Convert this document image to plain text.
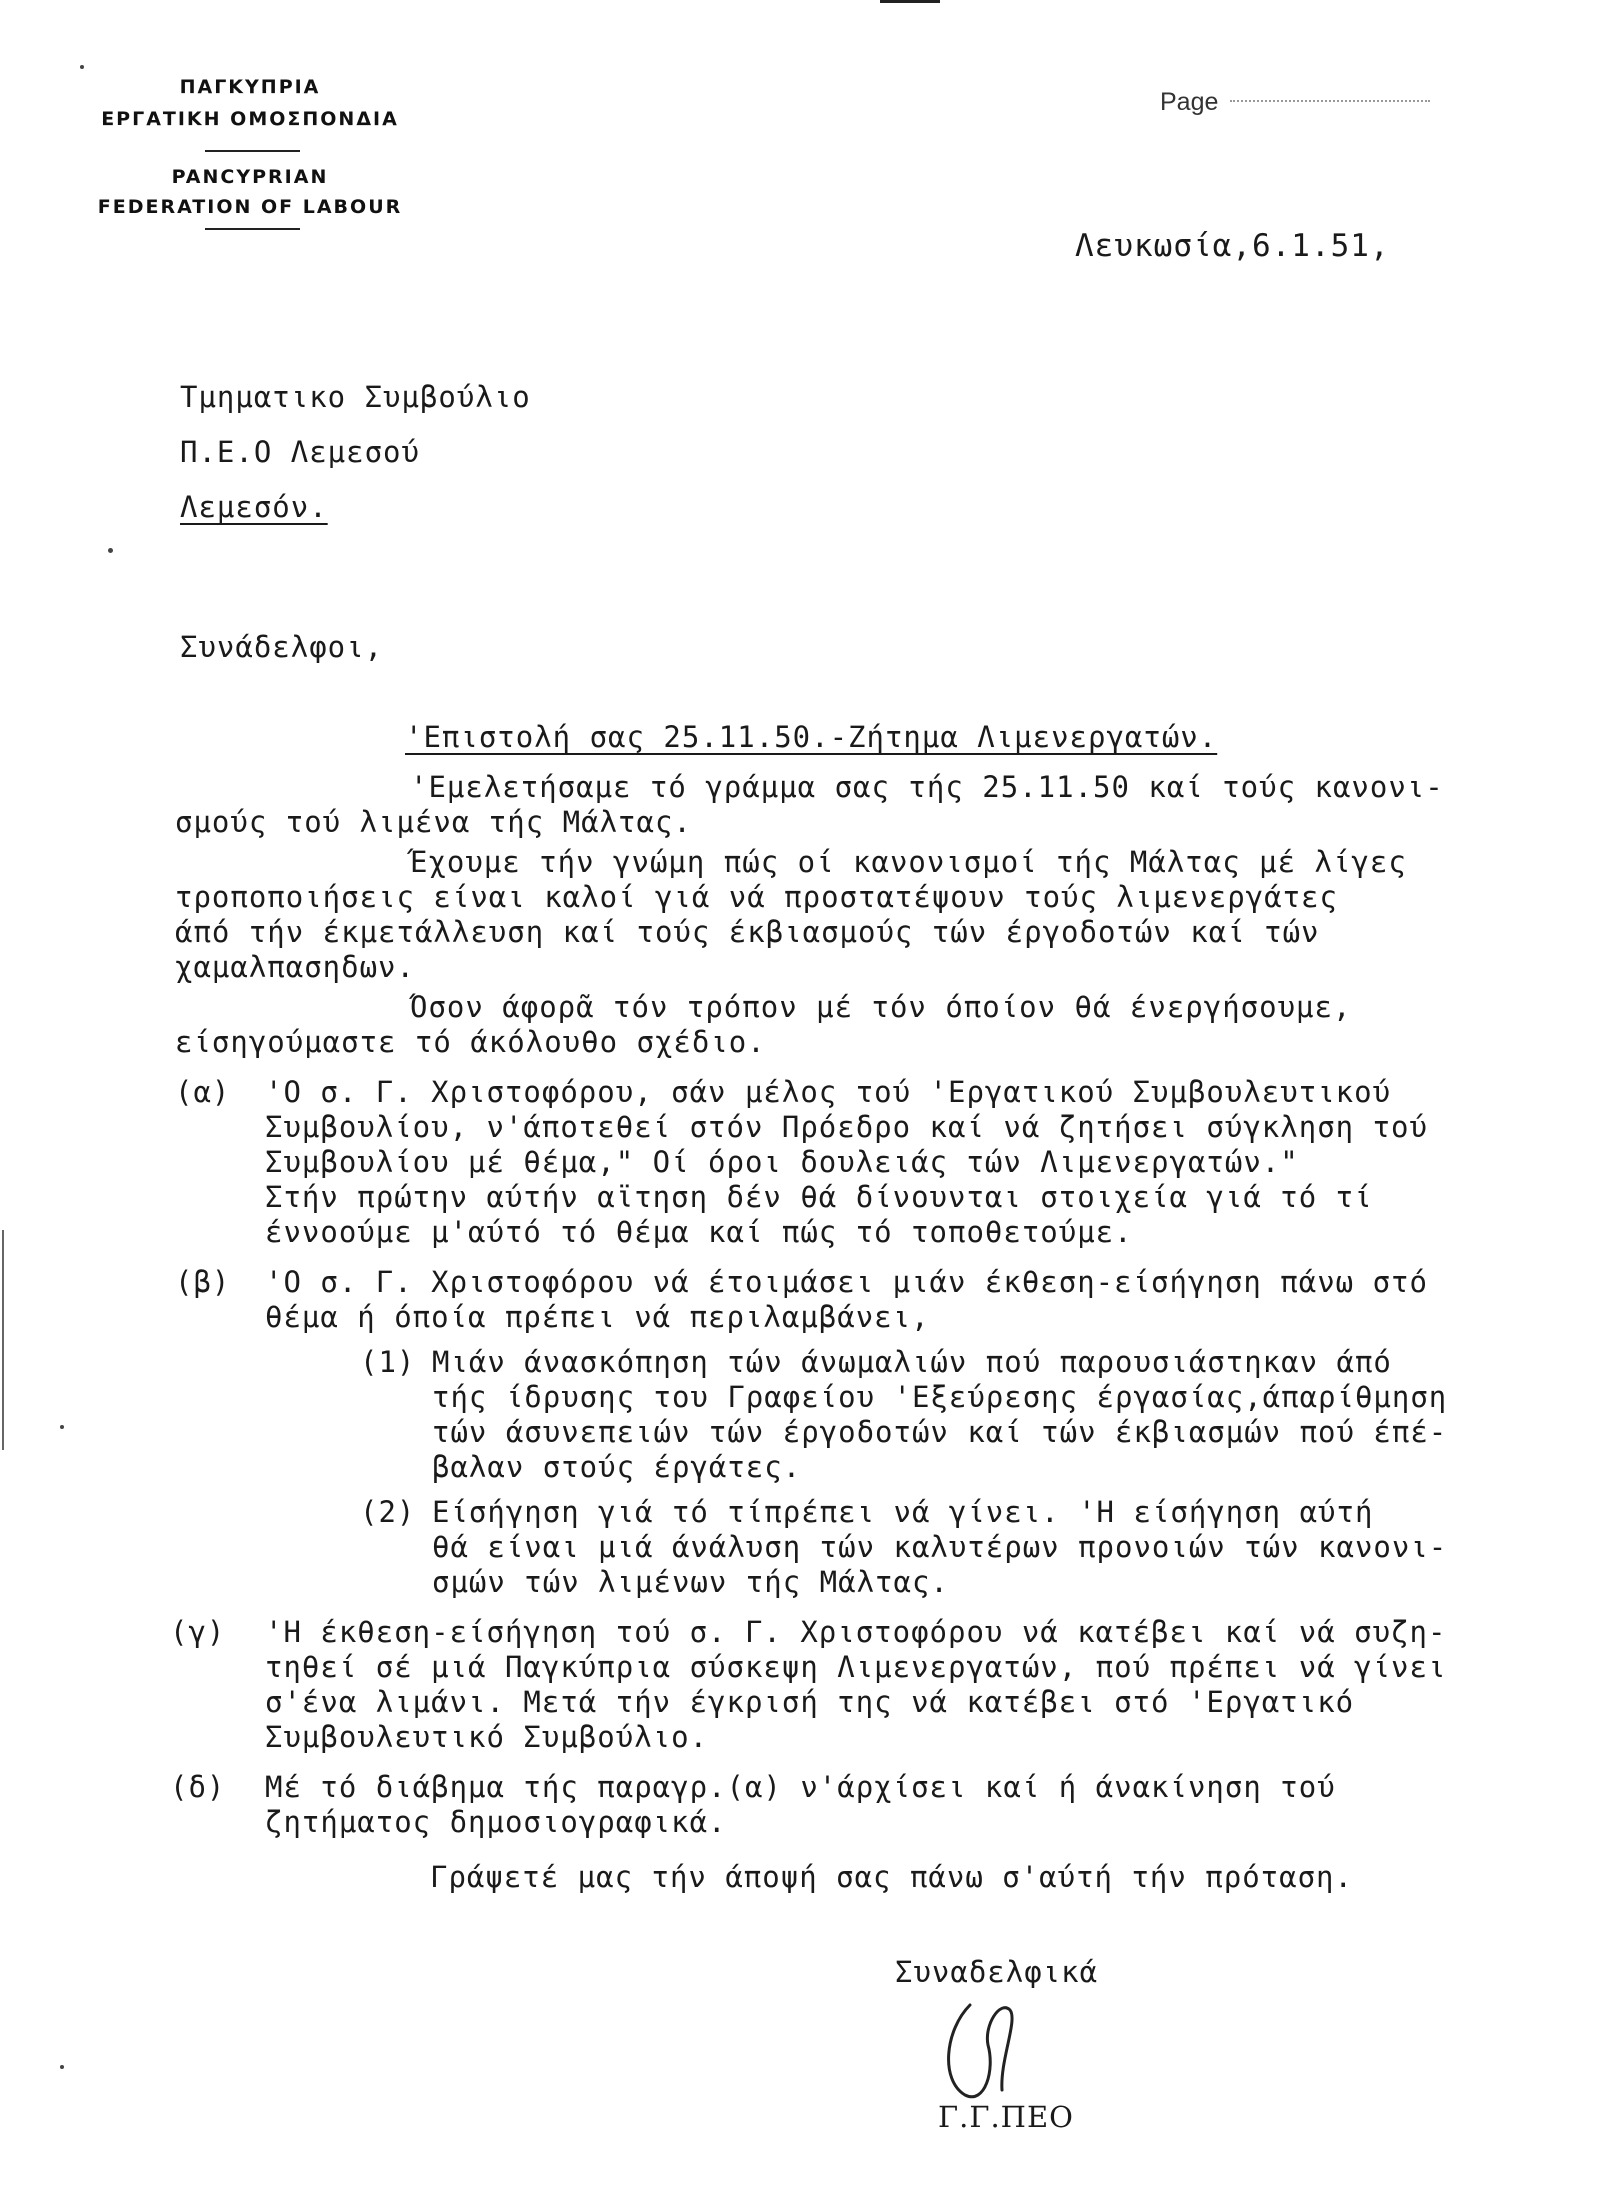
ΠΑΓΚΥΠΡΙΑ
ΕΡΓΑΤΙΚΗ ΟΜΟΣΠΟΝΔΙΑ
PANCYPRIAN
FEDERATION OF LABOUR
Page
Λευκωσία,6.1.51,
Τμηματικο Συμβούλιο
Π.Ε.Ο Λεμεσού
Λεμεσόν.
Συνάδελφοι,
'Επιστολή σας 25.11.50.-Ζήτημα Λιμενεργατών.
'Εμελετήσαμε τό γράμμα σας τής 25.11.50 καί τούς κανονι-
σμούς τού λιμένα τής Μάλτας.
Έχουμε τήν γνώμη πώς οί κανονισμοί τής Μάλτας μέ λίγες
τροποποιήσεις είναι καλοί γιά νά προστατέψουν τούς λιμενεργάτες
άπό τήν έκμετάλλευση καί τούς έκβιασμούς τών έργοδοτών καί τών
χαμαλπασηδων.
Όσον άφορᾶ τόν τρόπον μέ τόν όποίον θά ένεργήσουμε,
είσηγούμαστε τό άκόλουθο σχέδιο.
(α) 'Ο σ. Γ. Χριστοφόρου, σάν μέλος τού 'Εργατικού Συμβουλευτικού
Συμβουλίου, ν'άποτεθεί στόν Πρόεδρο καί νά ζητήσει σύγκληση τού
Συμβουλίου μέ θέμα," Οί όροι δουλειάς τών Λιμενεργατών."
Στήν πρώτην αύτήν αϊτηση δέν θά δίνουνται στοιχεία γιά τό τί
έννοούμε μ'αύτό τό θέμα καί πώς τό τοποθετούμε.
(β) 'Ο σ. Γ. Χριστοφόρου νά έτοιμάσει μιάν έκθεση-είσήγηση πάνω στό
θέμα ή όποία πρέπει νά περιλαμβάνει,
(1) Μιάν άνασκόπηση τών άνωμαλιών πού παρουσιάστηκαν άπό
τής ίδρυσης του Γραφείου 'Εξεύρεσης έργασίας,άπαρίθμηση
τών άσυνεπειών τών έργοδοτών καί τών έκβιασμών πού έπέ-
βαλαν στούς έργάτες.
(2) Είσήγηση γιά τό τίπρέπει νά γίνει. 'Η είσήγηση αύτή
θά είναι μιά άνάλυση τών καλυτέρων προνοιών τών κανονι-
σμών τών λιμένων τής Μάλτας.
(γ) 'Η έκθεση-είσήγηση τού σ. Γ. Χριστοφόρου νά κατέβει καί νά συζη-
τηθεί σέ μιά Παγκύπρια σύσκεψη Λιμενεργατών, πού πρέπει νά γίνει
σ'ένα λιμάνι. Μετά τήν έγκρισή της νά κατέβει στό 'Εργατικό
Συμβουλευτικό Συμβούλιο.
(δ) Μέ τό διάβημα τής παραγρ.(α) ν'άρχίσει καί ή άνακίνηση τού
ζητήματος δημοσιογραφικά.
Γράψετέ μας τήν άποψή σας πάνω σ'αύτή τήν πρόταση.
Συναδελφικά
Γ.Γ.ΠΕΟ
